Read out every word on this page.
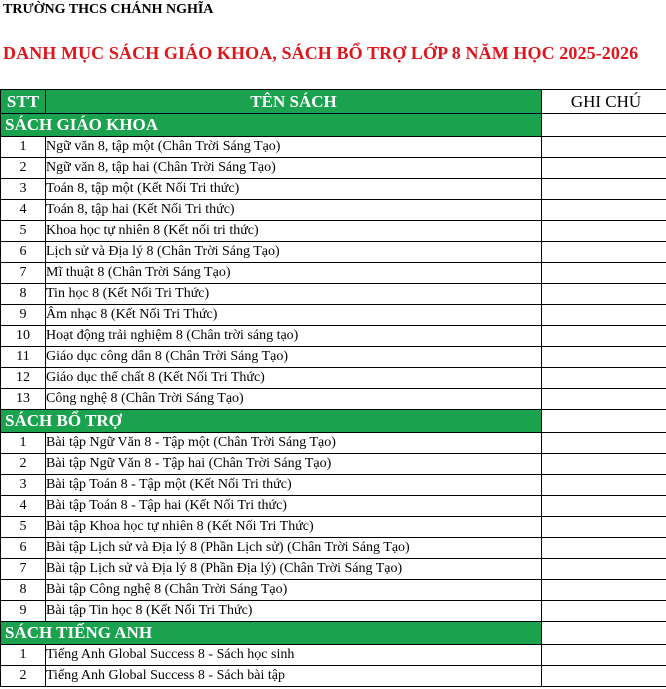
TRƯỜNG THCS CHÁNH NGHĨA
DANH MỤC SÁCH GIÁO KHOA, SÁCH BỔ TRỢ LỚP 8 NĂM HỌC 2025-2026
STT	TÊN SÁCH	GHI CHÚ
SÁCH GIÁO KHOA		
1	Ngữ văn 8, tập một (Chân Trời Sáng Tạo)	
2	Ngữ văn 8, tập hai (Chân Trời Sáng Tạo)	
3	Toán 8, tập một (Kết Nối Tri thức)	
4	Toán 8, tập hai (Kết Nối Tri thức)	
5	Khoa học tự nhiên 8 (Kết nối tri thức)	
6	Lịch sử và Địa lý 8 (Chân Trời Sáng Tạo)	
7	Mĩ thuật 8 (Chân Trời Sáng Tạo)	
8	Tin học 8 (Kết Nối Tri Thức)	
9	Âm nhạc 8 (Kết Nối Tri Thức)	
10	Hoạt động trải nghiệm 8 (Chân trời sáng tạo)	
11	Giáo dục công dân 8 (Chân Trời Sáng Tạo)	
12	Giáo dục thể chất 8 (Kết Nối Tri Thức)	
13	Công nghệ 8 (Chân Trời Sáng Tạo)	
SÁCH BỔ TRỢ		
1	Bài tập Ngữ Văn 8 - Tập một (Chân Trời Sáng Tạo)	
2	Bài tập Ngữ Văn 8 - Tập hai (Chân Trời Sáng Tạo)	
3	Bài tập Toán 8 - Tập một (Kết Nối Tri thức)	
4	Bài tập Toán 8 - Tập hai (Kết Nối Tri thức)	
5	Bài tập Khoa học tự nhiên 8 (Kết Nối Tri Thức)	
6	Bài tập Lịch sử và Địa lý 8 (Phần Lịch sử) (Chân Trời Sáng Tạo)	
7	Bài tập Lịch sử và Địa lý 8 (Phần Địa lý) (Chân Trời Sáng Tạo)	
8	Bài tập Công nghệ 8 (Chân Trời Sáng Tạo)	
9	Bài tập Tin học 8 (Kết Nối Tri Thức)	
SÁCH TIẾNG ANH		
1	Tiếng Anh Global Success 8 - Sách học sinh	
2	Tiếng Anh Global Success 8 - Sách bài tập	
